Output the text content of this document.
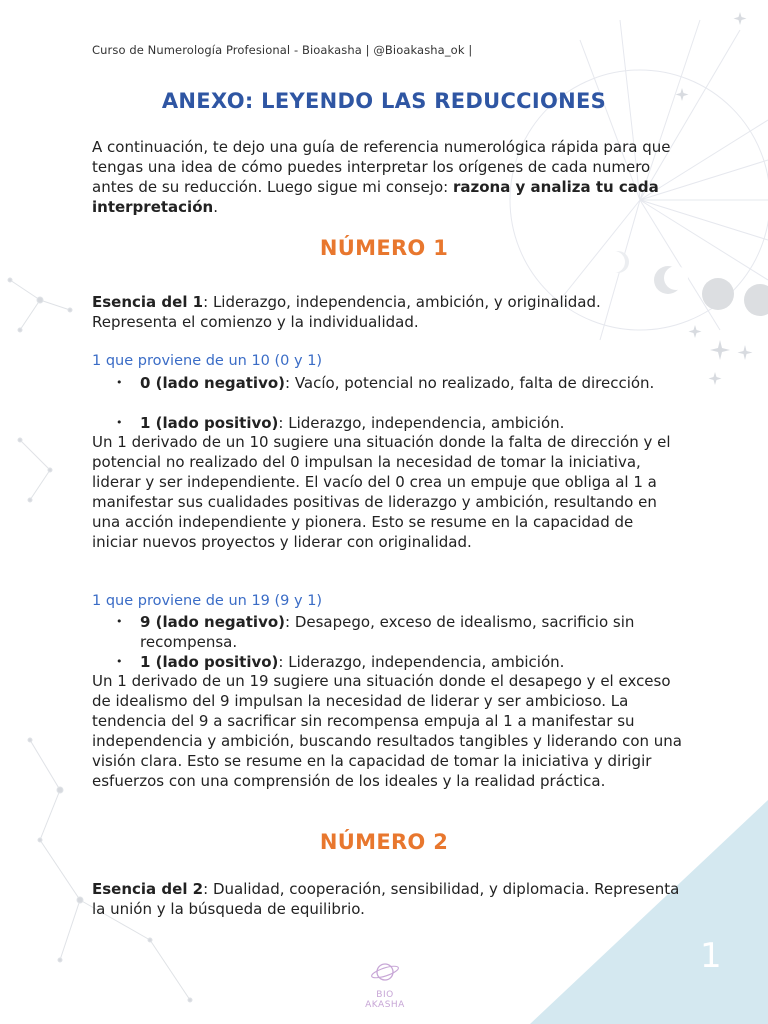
Curso de Numerología Profesional - Bioakasha | @Bioakasha_ok |
ANEXO: LEYENDO LAS REDUCCIONES
A continuación, te dejo una guía de referencia numerológica rápida para que tengas una idea de cómo puedes interpretar los orígenes de cada numero antes de su reducción. Luego sigue mi consejo: razona y analiza tu cada interpretación.
NÚMERO 1
Esencia del 1: Liderazgo, independencia, ambición, y originalidad. Representa el comienzo y la individualidad.
1 que proviene de un 10 (0 y 1)
• 0 (lado negativo): Vacío, potencial no realizado, falta de dirección.
• 1 (lado positivo): Liderazgo, independencia, ambición.
Un 1 derivado de un 10 sugiere una situación donde la falta de dirección y el potencial no realizado del 0 impulsan la necesidad de tomar la iniciativa, liderar y ser independiente. El vacío del 0 crea un empuje que obliga al 1 a manifestar sus cualidades positivas de liderazgo y ambición, resultando en una acción independiente y pionera. Esto se resume en la capacidad de iniciar nuevos proyectos y liderar con originalidad.
1 que proviene de un 19 (9 y 1)
• 9 (lado negativo): Desapego, exceso de idealismo, sacrificio sin recompensa.
• 1 (lado positivo): Liderazgo, independencia, ambición.
Un 1 derivado de un 19 sugiere una situación donde el desapego y el exceso de idealismo del 9 impulsan la necesidad de liderar y ser ambicioso. La tendencia del 9 a sacrificar sin recompensa empuja al 1 a manifestar su independencia y ambición, buscando resultados tangibles y liderando con una visión clara. Esto se resume en la capacidad de tomar la iniciativa y dirigir esfuerzos con una comprensión de los ideales y la realidad práctica.
NÚMERO 2
Esencia del 2: Dualidad, cooperación, sensibilidad, y diplomacia. Representa la unión y la búsqueda de equilibrio.
BIO AKASHA
1
